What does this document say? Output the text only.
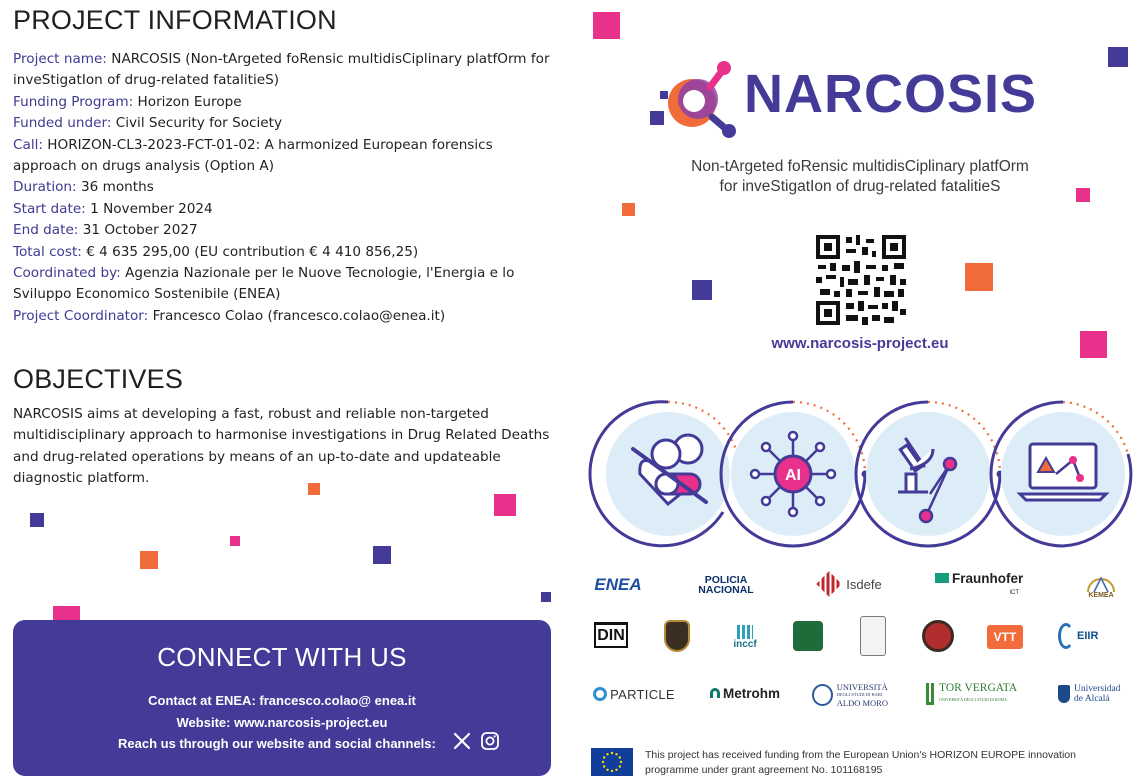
PROJECT INFORMATION
Project name: NARCOSIS (Non-tArgeted foRensic multidisCiplinary platfOrm for inveStigatIon of drug-related fatalitieS)
Funding Program: Horizon Europe
Funded under: Civil Security for Society
Call: HORIZON-CL3-2023-FCT-01-02: A harmonized European forensics approach on drugs analysis (Option A)
Duration: 36 months
Start date: 1 November 2024
End date: 31 October 2027
Total cost: € 4 635 295,00 (EU contribution € 4 410 856,25)
Coordinated by: Agenzia Nazionale per le Nuove Tecnologie, l'Energia e lo Sviluppo Economico Sostenibile (ENEA)
Project Coordinator: Francesco Colao (francesco.colao@enea.it)
OBJECTIVES
NARCOSIS aims at developing a fast, robust and reliable non-targeted multidisciplinary approach to harmonise investigations in Drug Related Deaths and drug-related operations by means of an up-to-date and updateable diagnostic platform.
CONNECT WITH US
Contact at ENEA: francesco.colao@ enea.it
Website: www.narcosis-project.eu
Reach us through our website and social channels:
NARCOSIS
Non-tArgeted foRensic multidisCiplinary platfOrm
for inveStigatIon of drug-related fatalitieS
www.narcosis-project.eu
AI
ENEA	POLICIA
NACIONAL	Isdefe	Fraunhofer
ICT	KEMEA
DIN
inccf	VTT	EIIR
PARTICLE	Metrohm	UNIVERSITÀ
DEGLI STUDI DI BARI
ALDO MORO
TOR VERGATA
UNIVERSITÀ DEGLI STUDI DI ROMA
Universidad
de Alcalá
This project has received funding from the European Union's HORIZON EUROPE innovation programme under grant agreement No. 101168195
